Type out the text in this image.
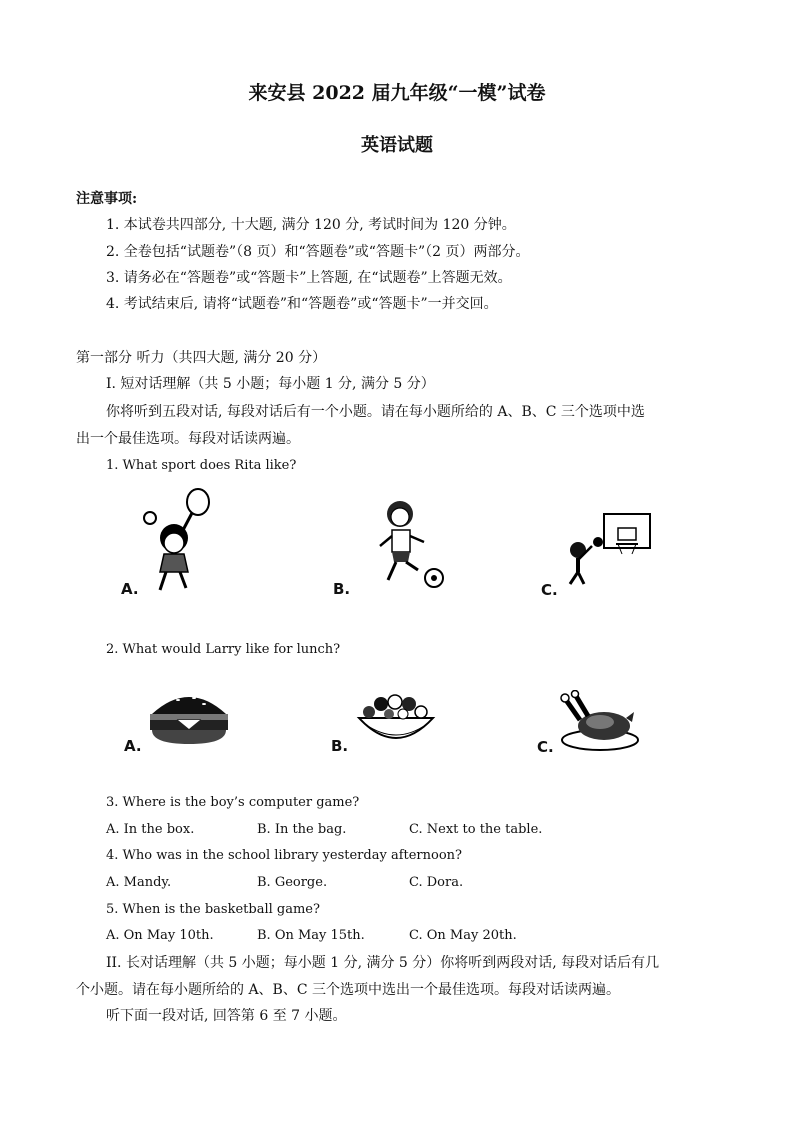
来安县 2022 届九年级“一模”试卷
英语试题
注意事项:
1. 本试卷共四部分, 十大题, 满分 120 分, 考试时间为 120 分钟。
2. 全卷包括“试题卷”（8 页）和“答题卷”或“答题卡”（2 页）两部分。
3. 请务必在“答题卷”或“答题卡”上答题, 在“试题卷”上答题无效。
4. 考试结束后, 请将“试题卷”和“答题卷”或“答题卡”一并交回。
第一部分 听力（共四大题, 满分 20 分）
I. 短对话理解（共 5 小题；每小题 1 分, 满分 5 分）
你将听到五段对话, 每段对话后有一个小题。请在每小题所给的 A、B、C 三个选项中选
出一个最佳选项。每段对话读两遍。
1. What sport does Rita like?
A.	B.	C.
2. What would Larry like for lunch?
A.	B.	C.
3. Where is the boy’s computer game?
A. In the box.	B. In the bag.	C. Next to the table.
4. Who was in the school library yesterday afternoon?
A. Mandy.	B. George.	C. Dora.
5. When is the basketball game?
A. On May 10th.	B. On May 15th.	C. On May 20th.
II. 长对话理解（共 5 小题；每小题 1 分, 满分 5 分）你将听到两段对话, 每段对话后有几
个小题。请在每小题所给的 A、B、C 三个选项中选出一个最佳选项。每段对话读两遍。
听下面一段对话, 回答第 6 至 7 小题。
